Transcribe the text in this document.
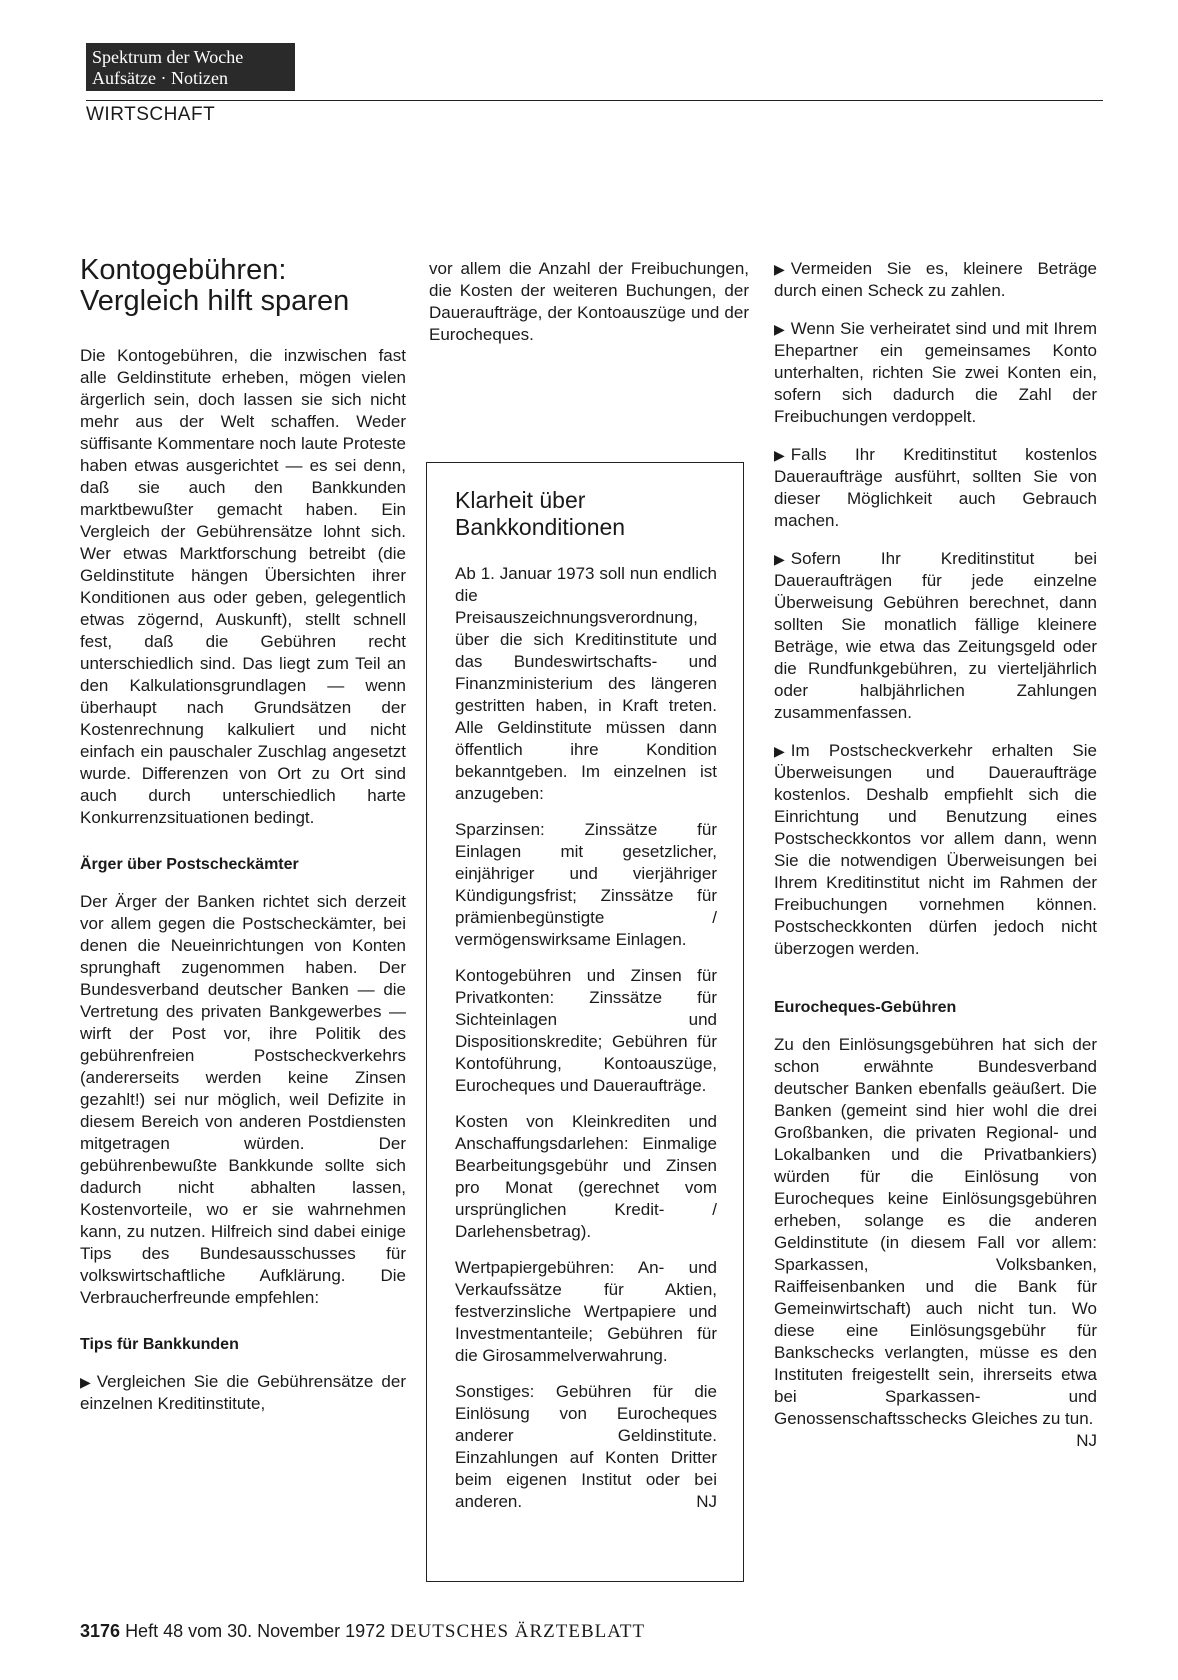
Spektrum der Woche
Aufsätze · Notizen
WIRTSCHAFT
Kontogebühren:
Vergleich hilft sparen

Die Kontogebühren, die inzwischen fast alle Geldinstitute erheben, mögen vielen ärgerlich sein, doch lassen sie sich nicht mehr aus der Welt schaffen. Weder süffisante Kommentare noch laute Proteste haben etwas ausgerichtet — es sei denn, daß sie auch den Bankkunden marktbewußter gemacht haben. Ein Vergleich der Gebührensätze lohnt sich. Wer etwas Marktforschung betreibt (die Geldinstitute hängen Übersichten ihrer Konditionen aus oder geben, gelegentlich etwas zögernd, Auskunft), stellt schnell fest, daß die Gebühren recht unterschiedlich sind. Das liegt zum Teil an den Kalkulationsgrundlagen — wenn überhaupt nach Grundsätzen der Kostenrechnung kalkuliert und nicht einfach ein pauschaler Zuschlag angesetzt wurde. Differenzen von Ort zu Ort sind auch durch unterschiedlich harte Konkurrenzsituationen bedingt.

Ärger über Postscheckämter

Der Ärger der Banken richtet sich derzeit vor allem gegen die Postscheckämter, bei denen die Neueinrichtungen von Konten sprunghaft zugenommen haben. Der Bundesverband deutscher Banken — die Vertretung des privaten Bankgewerbes — wirft der Post vor, ihre Politik des gebührenfreien Postscheckverkehrs (andererseits werden keine Zinsen gezahlt!) sei nur möglich, weil Defizite in diesem Bereich von anderen Postdiensten mitgetragen würden. Der gebührenbewußte Bankkunde sollte sich dadurch nicht abhalten lassen, Kostenvorteile, wo er sie wahrnehmen kann, zu nutzen. Hilfreich sind dabei einige Tips des Bundesausschusses für volkswirtschaftliche Aufklärung. Die Verbraucherfreunde empfehlen:

Tips für Bankkunden

▶ Vergleichen Sie die Gebührensätze der einzelnen Kreditinstitute,

vor allem die Anzahl der Freibuchungen, die Kosten der weiteren Buchungen, der Daueraufträge, der Kontoauszüge und der Eurocheques.

Klarheit über
Bankkonditionen

Ab 1. Januar 1973 soll nun endlich die Preisauszeichnungsverordnung, über die sich Kreditinstitute und das Bundeswirtschafts- und Finanzministerium des längeren gestritten haben, in Kraft treten. Alle Geldinstitute müssen dann öffentlich ihre Kondition bekanntgeben. Im einzelnen ist anzugeben:

Sparzinsen: Zinssätze für Einlagen mit gesetzlicher, einjähriger und vierjähriger Kündigungsfrist; Zinssätze für prämienbegünstigte / vermögenswirksame Einlagen.

Kontogebühren und Zinsen für Privatkonten: Zinssätze für Sichteinlagen und Dispositionskredite; Gebühren für Kontoführung, Kontoauszüge, Eurocheques und Daueraufträge.

Kosten von Kleinkrediten und Anschaffungsdarlehen: Einmalige Bearbeitungsgebühr und Zinsen pro Monat (gerechnet vom ursprünglichen Kredit- / Darlehensbetrag).

Wertpapiergebühren: An- und Verkaufssätze für Aktien, festverzinsliche Wertpapiere und Investmentanteile; Gebühren für die Girosammelverwahrung.

Sonstiges: Gebühren für die Einlösung von Eurocheques anderer Geldinstitute. Einzahlungen auf Konten Dritter beim eigenen Institut oder bei anderen.	NJ

▶ Vermeiden Sie es, kleinere Beträge durch einen Scheck zu zahlen.

▶ Wenn Sie verheiratet sind und mit Ihrem Ehepartner ein gemeinsames Konto unterhalten, richten Sie zwei Konten ein, sofern sich dadurch die Zahl der Freibuchungen verdoppelt.

▶ Falls Ihr Kreditinstitut kostenlos Daueraufträge ausführt, sollten Sie von dieser Möglichkeit auch Gebrauch machen.

▶ Sofern Ihr Kreditinstitut bei Daueraufträgen für jede einzelne Überweisung Gebühren berechnet, dann sollten Sie monatlich fällige kleinere Beträge, wie etwa das Zeitungsgeld oder die Rundfunkgebühren, zu vierteljährlich oder halbjährlichen Zahlungen zusammenfassen.

▶ Im Postscheckverkehr erhalten Sie Überweisungen und Daueraufträge kostenlos. Deshalb empfiehlt sich die Einrichtung und Benutzung eines Postscheckkontos vor allem dann, wenn Sie die notwendigen Überweisungen bei Ihrem Kreditinstitut nicht im Rahmen der Freibuchungen vornehmen können. Postscheckkonten dürfen jedoch nicht überzogen werden.

Eurocheques-Gebühren

Zu den Einlösungsgebühren hat sich der schon erwähnte Bundesverband deutscher Banken ebenfalls geäußert. Die Banken (gemeint sind hier wohl die drei Großbanken, die privaten Regional- und Lokalbanken und die Privatbankiers) würden für die Einlösung von Eurocheques keine Einlösungsgebühren erheben, solange es die anderen Geldinstitute (in diesem Fall vor allem: Sparkassen, Volksbanken, Raiffeisenbanken und die Bank für Gemeinwirtschaft) auch nicht tun. Wo diese eine Einlösungsgebühr für Bankschecks verlangten, müsse es den Instituten freigestellt sein, ihrerseits etwa bei Sparkassen- und Genossenschaftsschecks Gleiches zu tun.
NJ

3176 Heft 48 vom 30. November 1972 DEUTSCHES ÄRZTEBLATT
